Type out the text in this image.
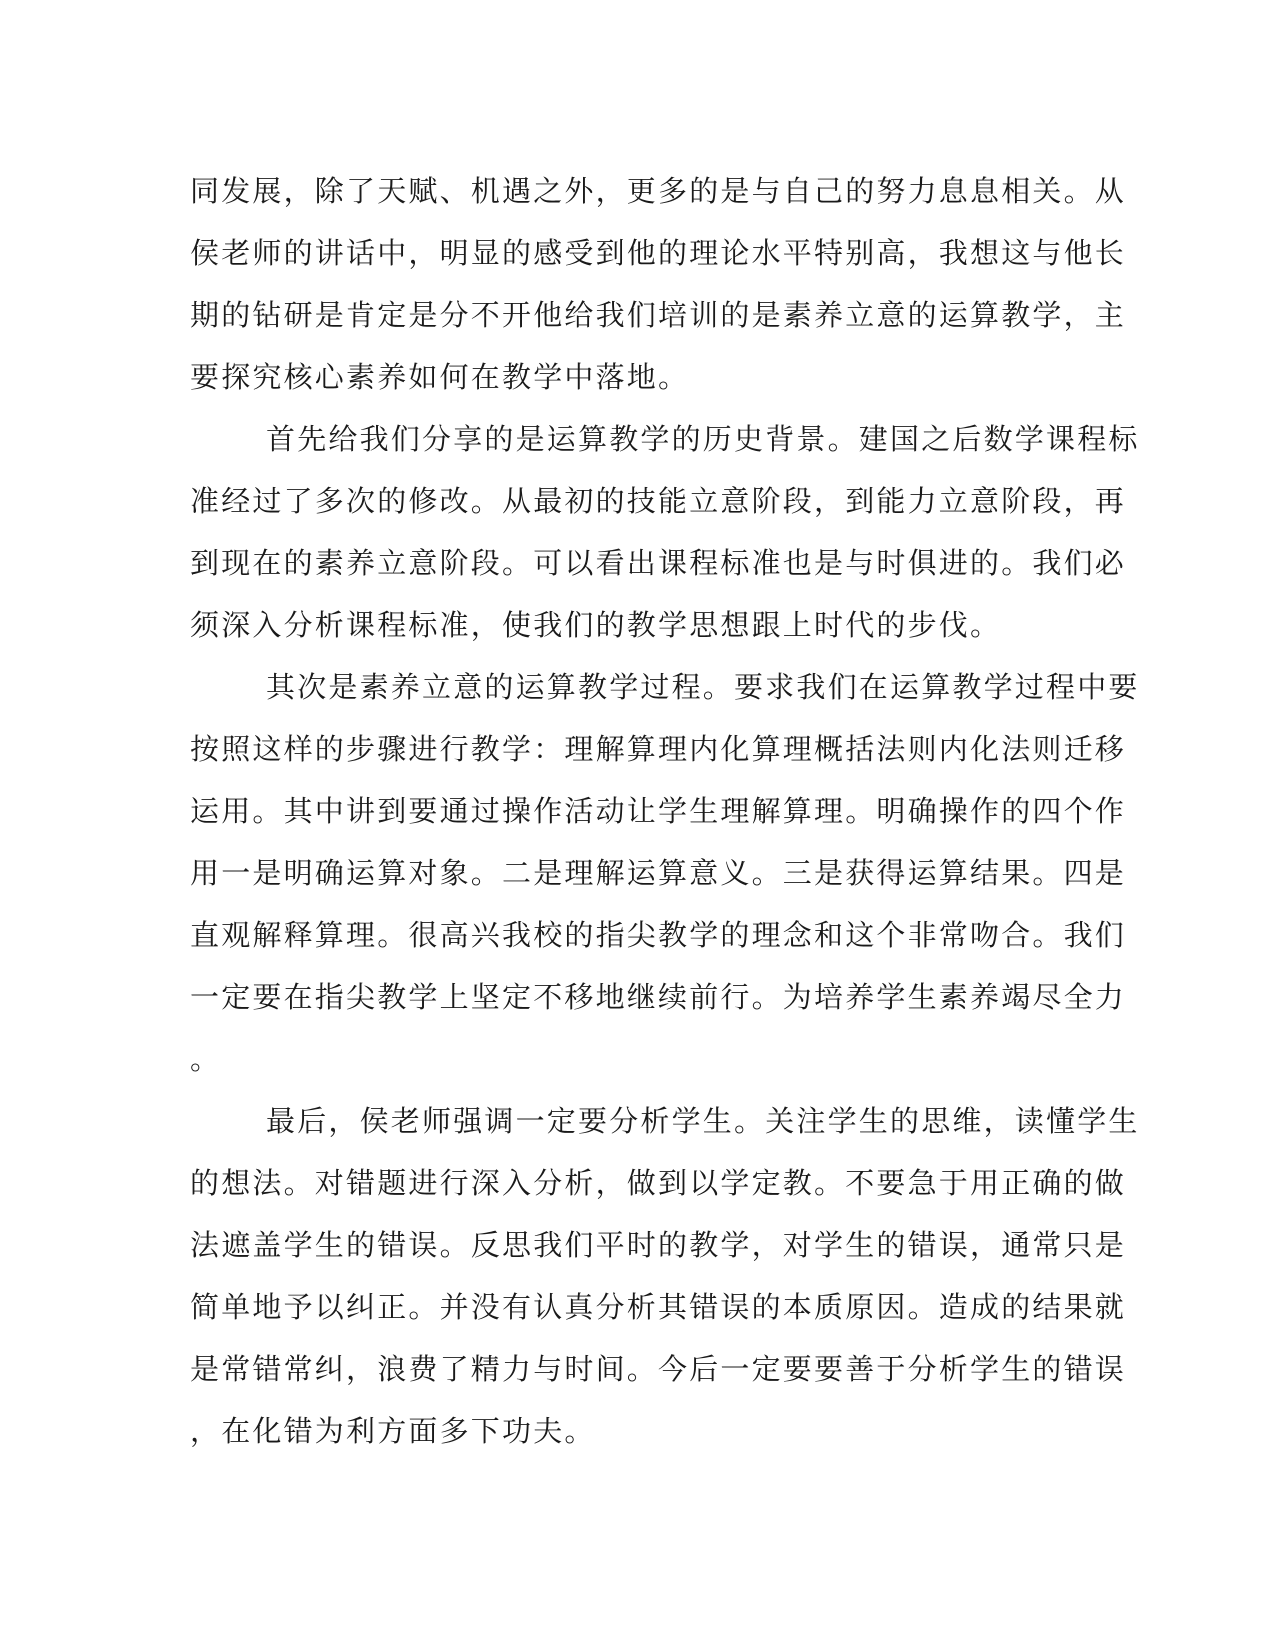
同发展，除了天赋、机遇之外，更多的是与自己的努力息息相关。从
侯老师的讲话中，明显的感受到他的理论水平特别高，我想这与他长
期的钻研是肯定是分不开他给我们培训的是素养立意的运算教学，主
要探究核心素养如何在教学中落地。
首先给我们分享的是运算教学的历史背景。建国之后数学课程标
准经过了多次的修改。从最初的技能立意阶段，到能力立意阶段，再
到现在的素养立意阶段。可以看出课程标准也是与时俱进的。我们必
须深入分析课程标准，使我们的教学思想跟上时代的步伐。
其次是素养立意的运算教学过程。要求我们在运算教学过程中要
按照这样的步骤进行教学：理解算理内化算理概括法则内化法则迁移
运用。其中讲到要通过操作活动让学生理解算理。明确操作的四个作
用一是明确运算对象。二是理解运算意义。三是获得运算结果。四是
直观解释算理。很高兴我校的指尖教学的理念和这个非常吻合。我们
一定要在指尖教学上坚定不移地继续前行。为培养学生素养竭尽全力
。
最后，侯老师强调一定要分析学生。关注学生的思维，读懂学生
的想法。对错题进行深入分析，做到以学定教。不要急于用正确的做
法遮盖学生的错误。反思我们平时的教学，对学生的错误，通常只是
简单地予以纠正。并没有认真分析其错误的本质原因。造成的结果就
是常错常纠，浪费了精力与时间。今后一定要要善于分析学生的错误
，在化错为利方面多下功夫。
